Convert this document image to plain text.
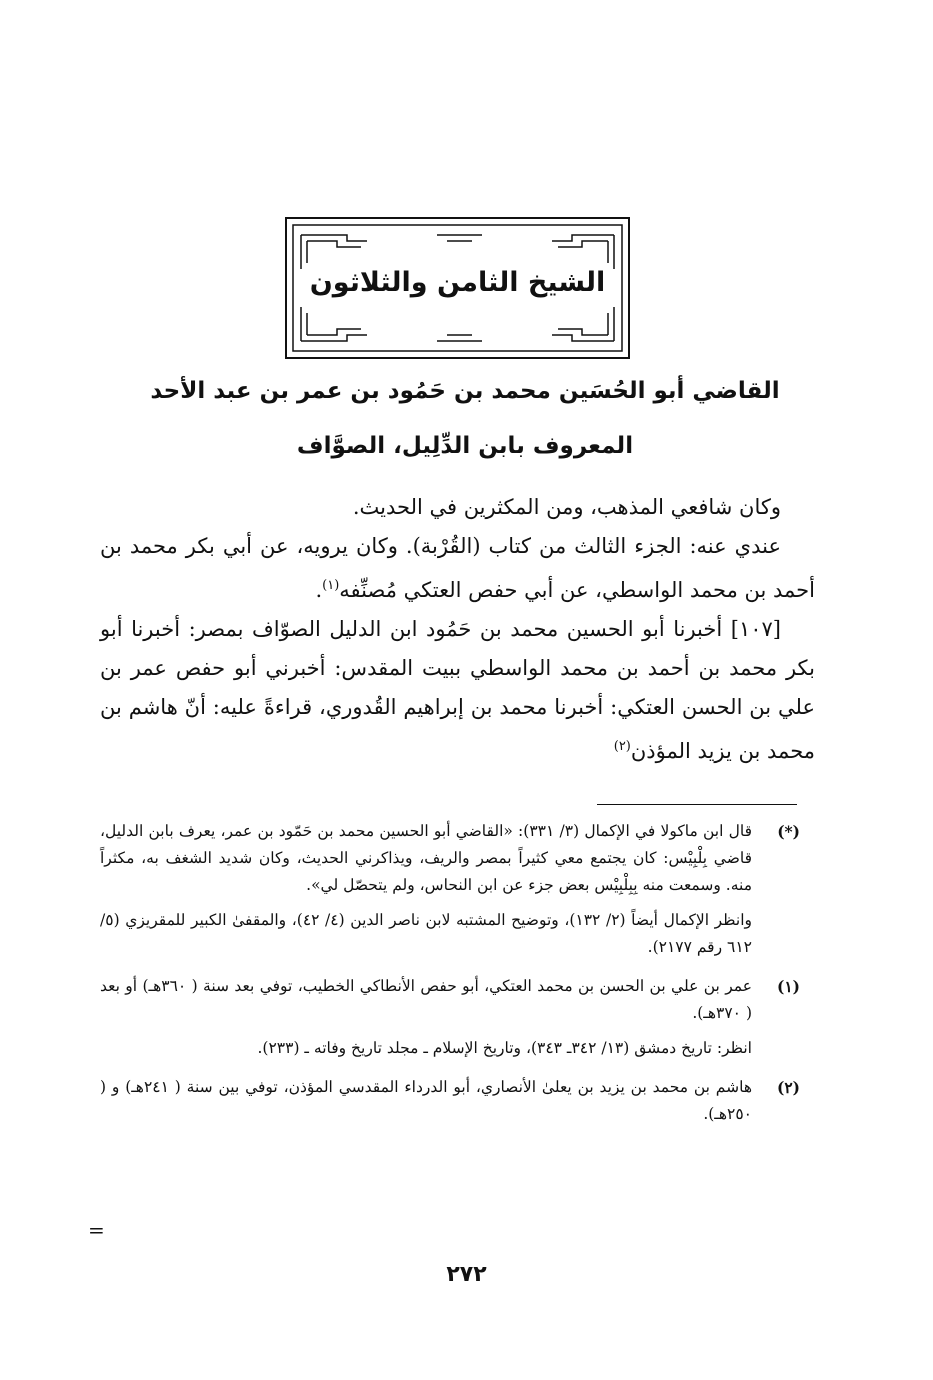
الشيخ الثامن والثلاثون
القاضي أبو الحُسَين محمد بن حَمُود بن عمر بن عبد الأحد
المعروف بابن الدِّلِيل، الصوَّاف

وكان شافعي المذهب، ومن المكثرين في الحديث.

عندي عنه: الجزء الثالث من كتاب (القُرْبة). وكان يرويه، عن أبي بكر محمد بن أحمد بن محمد الواسطي، عن أبي حفص العتكي مُصنِّفه$^{(١)}$.

[١٠٧] أخبرنا أبو الحسين محمد بن حَمُود ابن الدليل الصوّاف بمصر: أخبرنا أبو بكر محمد بن أحمد بن محمد الواسطي ببيت المقدس: أخبرني أبو حفص عمر بن علي بن الحسن العتكي: أخبرنا محمد بن إبراهيم القُدوري، قراءةً عليه: أنّ هاشم بن محمد بن يزيد المؤذن$^{(٢)}$

(*)

قال ابن ماكولا في الإكمال (٣/ ٣٣١): «القاضي أبو الحسين محمد بن حَمّود بن عمر، يعرف بابن الدليل، قاضي بِلْبِيْس: كان يجتمع معي كثيراً بمصر والريف، ويذاكرني الحديث، وكان شديد الشغف به، مكثراً منه. وسمعت منه بِبِلْبِيْس بعض جزء عن ابن النحاس، ولم يتحصّل لي».

وانظر الإكمال أيضاً (٢/ ١٣٢)، وتوضيح المشتبه لابن ناصر الدين (٤/ ٤٢)، والمقفىٰ الكبير للمقريزي (٥/ ٦١٢ رقم ٢١٧٧).

(١)

عمر بن علي بن الحسن بن محمد العتكي، أبو حفص الأنطاكي الخطيب، توفي بعد سنة ( ٣٦٠هـ) أو بعد ( ٣٧٠هـ).

انظر: تاريخ دمشق (١٣/ ٣٤٢ـ ٣٤٣)، وتاريخ الإسلام ـ مجلد تاريخ وفاته ـ (٢٣٣).

(٢)

هاشم بن محمد بن يزيد بن يعلىٰ الأنصاري، أبو الدرداء المقدسي المؤذن، توفي بين سنة ( ٢٤١هـ) و ( ٢٥٠هـ).

=
٢٧٢
